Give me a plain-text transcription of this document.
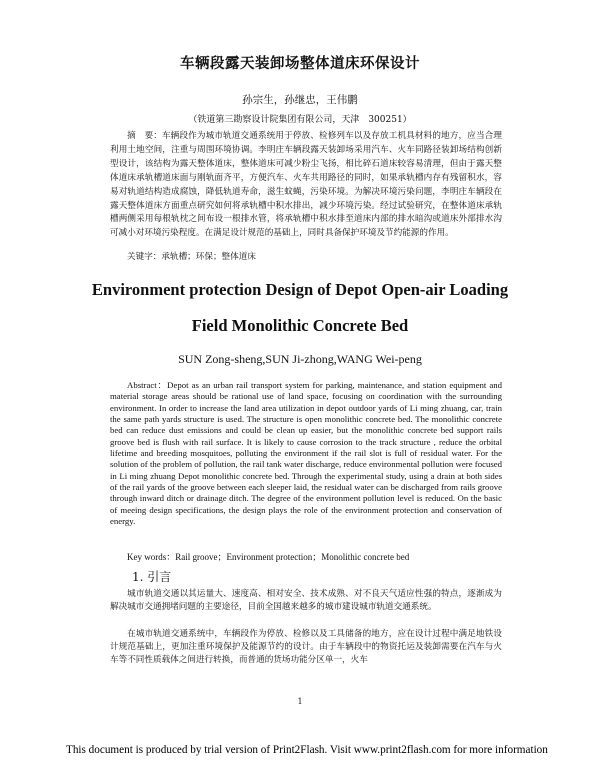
车辆段露天装卸场整体道床环保设计
孙宗生，孙继忠，王伟鹏
（铁道第三勘察设计院集团有限公司，天津　300251）
摘　要：车辆段作为城市轨道交通系统用于停放、检修列车以及存放工机具材料的地方，应当合理利用土地空间，注重与周围环境协调。李明庄车辆段露天装卸场采用汽车、火车同路径装卸场结构创新型设计，该结构为露天整体道床，整体道床可减少粉尘飞扬，相比碎石道床较容易清理，但由于露天整体道床承轨槽道床面与刚轨面齐平，方便汽车、火车共用路径的同时，如果承轨槽内存有残留积水，容易对轨道结构造成腐蚀，降低轨道寿命，滋生蚊蝇，污染环境。为解决环境污染问题，李明庄车辆段在露天整体道床方面重点研究如何将承轨槽中积水排出，减少环境污染。经过试验研究，在整体道床承轨槽两侧采用每根轨枕之间布设一根排水管，将承轨槽中积水排至道床内部的排水暗沟或道床外部排水沟可减小对环境污染程度。在满足设计规范的基础上，同时具备保护环境及节约能源的作用。
关键字：承轨槽；环保；整体道床
Environment protection Design of Depot Open-air Loading
Field Monolithic Concrete Bed
SUN Zong-sheng,SUN Ji-zhong,WANG Wei-peng
Abstract：Depot as an urban rail transport system for parking, maintenance, and station equipment and material storage areas should be rational use of land space, focusing on coordination with the surrounding environment. In order to increase the land area utilization in depot outdoor yards of Li ming zhuang, car, train the same path yards structure is used. The structure is open monolithic concrete bed. The monolithic concrete bed can reduce dust emissions and could be clean up easier, but the monolithic concrete bed support rails groove bed is flush with rail surface. It is likely to cause corrosion to the track structure , reduce the orbital lifetime and breeding mosquitoes, polluting the environment if the rail slot is full of residual water. For the solution of the problem of pollution, the rail tank water discharge, reduce environmental pollution were focused in Li ming zhuang Depot monolithic concrete bed. Through the experimental study, using a drain at both sides of the rail yards of the groove between each sleeper laid, the residual water can be discharged from rails groove through inward ditch or drainage ditch. The degree of the environment pollution level is reduced. On the basic of meeing design specifications, the design plays the role of the environment protection and conservation of energy.
Key words：Rail groove；Environment protection；Monolithic concrete bed
1. 引言
城市轨道交通以其运量大、速度高、相对安全、技术成熟、对不良天气适应性强的特点，逐渐成为解决城市交通拥堵问题的主要途径，目前全国越来越多的城市建设城市轨道交通系统。
在城市轨道交通系统中，车辆段作为停放、检修以及工具储备的地方，应在设计过程中满足地铁设计规范基础上，更加注重环境保护及能源节约的设计。由于车辆段中的物资托运及装卸需要在汽车与火车等不同性质载体之间进行转换，而普通的货场功能分区单一，火车
1
This document is produced by trial version of Print2Flash. Visit www.print2flash.com for more information
